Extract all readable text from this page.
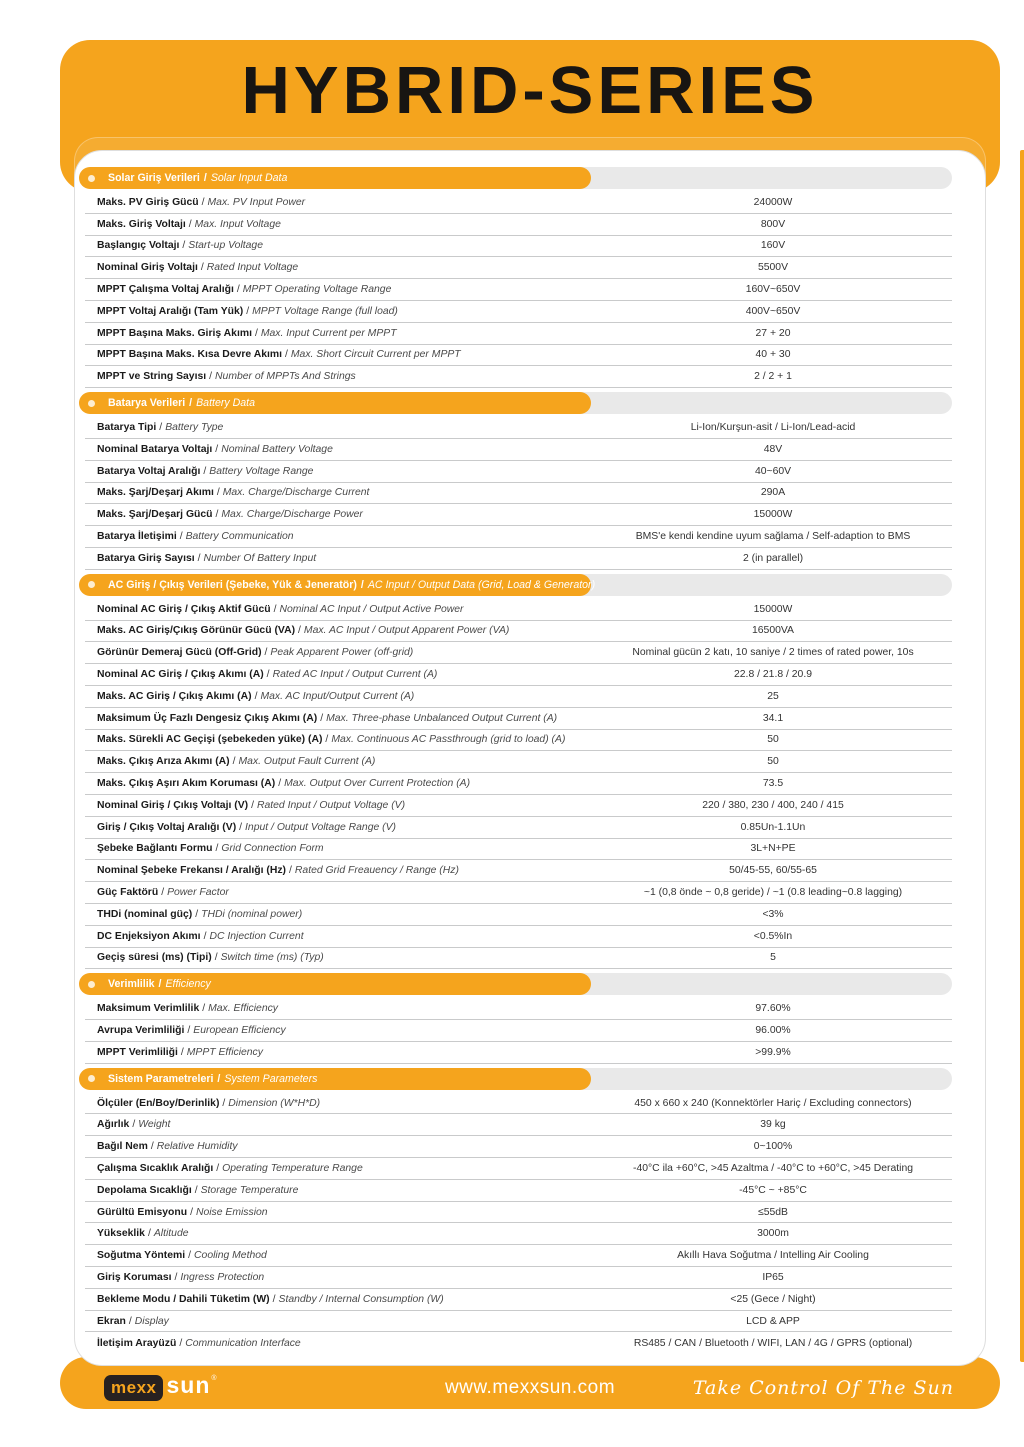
HYBRID-SERIES
Solar Giriş Verileri / Solar Input Data
Maks. PV Giriş Gücü / Max. PV Input Power	24000W
Maks. Giriş Voltajı / Max. Input Voltage	800V
Başlangıç Voltajı / Start-up Voltage	160V
Nominal Giriş Voltajı / Rated Input Voltage	5500V
MPPT Çalışma Voltaj Aralığı / MPPT Operating Voltage Range	160V~650V
MPPT Voltaj Aralığı (Tam Yük) / MPPT Voltage Range (full load)	400V~650V
MPPT Başına Maks. Giriş Akımı / Max. Input Current per MPPT	27 + 20
MPPT Başına Maks. Kısa Devre Akımı / Max. Short Circuit Current per MPPT	40 + 30
MPPT ve String Sayısı / Number of MPPTs And Strings	2 / 2 + 1
Batarya Verileri / Battery Data
Batarya Tipi / Battery Type	Li-Ion/Kurşun-asit / Li-Ion/Lead-acid
Nominal Batarya Voltajı / Nominal Battery Voltage	48V
Batarya Voltaj Aralığı / Battery Voltage Range	40~60V
Maks. Şarj/Deşarj Akımı / Max. Charge/Discharge Current	290A
Maks. Şarj/Deşarj Gücü / Max. Charge/Discharge Power	15000W
Batarya İletişimi / Battery Communication	BMS'e kendi kendine uyum sağlama / Self-adaption to BMS
Batarya Giriş Sayısı / Number Of Battery Input	2 (in parallel)
AC Giriş / Çıkış Verileri (Şebeke, Yük & Jeneratör) / AC Input / Output Data (Grid, Load & Generator)
Nominal AC Giriş / Çıkış Aktif Gücü / Nominal AC Input / Output Active Power	15000W
Maks. AC Giriş/Çıkış Görünür Gücü (VA) / Max. AC Input / Output Apparent Power (VA)	16500VA
Görünür Demeraj Gücü (Off-Grid) / Peak Apparent Power (off-grid)	Nominal gücün 2 katı, 10 saniye / 2 times of rated power, 10s
Nominal AC Giriş / Çıkış Akımı (A) / Rated AC Input / Output Current (A)	22.8 / 21.8 / 20.9
Maks. AC Giriş / Çıkış Akımı (A) / Max. AC Input/Output Current (A)	25
Maksimum Üç Fazlı Dengesiz Çıkış Akımı (A) / Max. Three-phase Unbalanced Output Current (A)	34.1
Maks. Sürekli AC Geçişi (şebekeden yüke) (A) / Max. Continuous AC Passthrough (grid to load) (A)	50
Maks. Çıkış Arıza Akımı (A) / Max. Output Fault Current (A)	50
Maks. Çıkış Aşırı Akım Koruması (A) / Max. Output Over Current Protection (A)	73.5
Nominal Giriş / Çıkış Voltajı (V) / Rated Input / Output Voltage (V)	220 / 380, 230 / 400, 240 / 415
Giriş / Çıkış Voltaj Aralığı (V) / Input / Output Voltage Range (V)	0.85Un-1.1Un
Şebeke Bağlantı Formu / Grid Connection Form	3L+N+PE
Nominal Şebeke Frekansı / Aralığı (Hz) / Rated Grid Freauency / Range (Hz)	50/45-55, 60/55-65
Güç Faktörü / Power Factor	~1 (0,8 önde ~ 0,8 geride) / ~1 (0.8 leading~0.8 lagging)
THDi (nominal güç) / THDi (nominal power)	<3%
DC Enjeksiyon Akımı / DC Injection Current	<0.5%In
Geçiş süresi (ms) (Tipi) / Switch time (ms) (Typ)	5
Verimlilik / Efficiency
Maksimum Verimlilik / Max. Efficiency	97.60%
Avrupa Verimliliği / European Efficiency	96.00%
MPPT Verimliliği / MPPT Efficiency	>99.9%
Sistem Parametreleri / System Parameters
Ölçüler (En/Boy/Derinlik) / Dimension (W*H*D)	450 x 660 x 240 (Konnektörler Hariç / Excluding connectors)
Ağırlık / Weight	39 kg
Bağıl Nem / Relative Humidity	0~100%
Çalışma Sıcaklık Aralığı / Operating Temperature Range	-40°C ila +60°C, >45 Azaltma / -40°C to +60°C, >45 Derating
Depolama Sıcaklığı / Storage Temperature	-45°C ~ +85°C
Gürültü Emisyonu / Noise Emission	≤55dB
Yükseklik / Altitude	3000m
Soğutma Yöntemi / Cooling Method	Akıllı Hava Soğutma / Intelling Air Cooling
Giriş Koruması / Ingress Protection	IP65
Bekleme Modu / Dahili Tüketim (W) / Standby / Internal Consumption (W)	<25 (Gece / Night)
Ekran / Display	LCD & APP
İletişim Arayüzü / Communication Interface	RS485 / CAN / Bluetooth / WIFI, LAN / 4G / GPRS (optional)
mexx sun ®	www.mexxsun.com	Take Control Of The Sun
